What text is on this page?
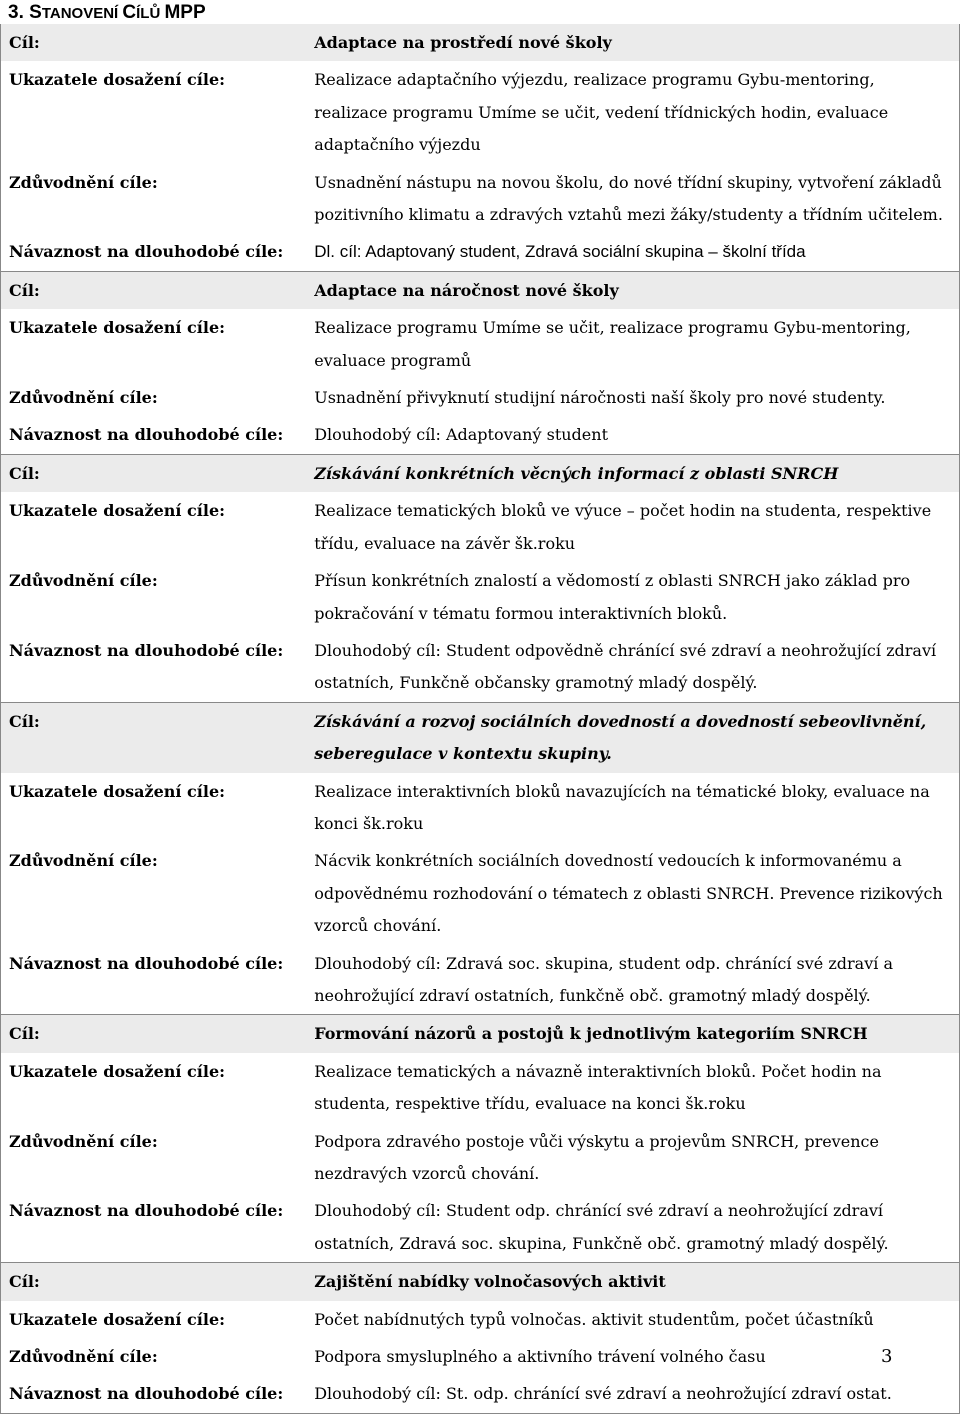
3. STANOVENÍ CÍLŮ MPP
Cíl:	Adaptace na prostředí nové školy
Ukazatele dosažení cíle:	Realizace adaptačního výjezdu, realizace programu Gybu-mentoring, realizace programu Umíme se učit, vedení třídnických hodin, evaluace adaptačního výjezdu
Zdůvodnění cíle:	Usnadnění nástupu na novou školu, do nové třídní skupiny, vytvoření základů pozitivního klimatu a zdravých vztahů mezi žáky/studenty a třídním učitelem.
Návaznost na dlouhodobé cíle:	Dl. cíl: Adaptovaný student, Zdravá sociální skupina – školní třída
Cíl:	Adaptace na náročnost nové školy
Ukazatele dosažení cíle:	Realizace programu Umíme se učit, realizace programu Gybu-mentoring, evaluace programů
Zdůvodnění cíle:	Usnadnění přivyknutí studijní náročnosti naší školy pro nové studenty.
Návaznost na dlouhodobé cíle:	Dlouhodobý cíl: Adaptovaný student
Cíl:	Získávání konkrétních věcných informací z oblasti SNRCH
Ukazatele dosažení cíle:	Realizace tematických bloků ve výuce – počet hodin na studenta, respektive třídu, evaluace na závěr šk.roku
Zdůvodnění cíle:	Přísun konkrétních znalostí a vědomostí z oblasti SNRCH jako základ pro pokračování v tématu formou interaktivních bloků.
Návaznost na dlouhodobé cíle:	Dlouhodobý cíl: Student odpovědně chránící své zdraví a neohrožující zdraví ostatních, Funkčně občansky gramotný mladý dospělý.
Cíl:	Získávání a rozvoj sociálních dovedností a dovedností sebeovlivnění, seberegulace v kontextu skupiny.
Ukazatele dosažení cíle:	Realizace interaktivních bloků navazujících na tématické bloky, evaluace na konci šk.roku
Zdůvodnění cíle:	Nácvik konkrétních sociálních dovedností vedoucích k informovanému a odpovědnému rozhodování o tématech z oblasti SNRCH. Prevence rizikových vzorců chování.
Návaznost na dlouhodobé cíle:	Dlouhodobý cíl: Zdravá soc. skupina, student odp. chránící své zdraví a neohrožující zdraví ostatních, funkčně obč. gramotný mladý dospělý.
Cíl:	Formování názorů a postojů k jednotlivým kategoriím SNRCH
Ukazatele dosažení cíle:	Realizace tematických a návazně interaktivních bloků. Počet hodin na studenta, respektive třídu, evaluace na konci šk.roku
Zdůvodnění cíle:	Podpora zdravého postoje vůči výskytu a projevům SNRCH, prevence nezdravých vzorců chování.
Návaznost na dlouhodobé cíle:	Dlouhodobý cíl: Student odp. chránící své zdraví a neohrožující zdraví ostatních, Zdravá soc. skupina, Funkčně obč. gramotný mladý dospělý.
Cíl:	Zajištění nabídky volnočasových aktivit
Ukazatele dosažení cíle:	Počet nabídnutých typů volnočas. aktivit studentům, počet účastníků
Zdůvodnění cíle:	Podpora smysluplného a aktivního trávení volného času
Návaznost na dlouhodobé cíle:	Dlouhodobý cíl: St. odp. chránící své zdraví a neohrožující zdraví ostat.
3
